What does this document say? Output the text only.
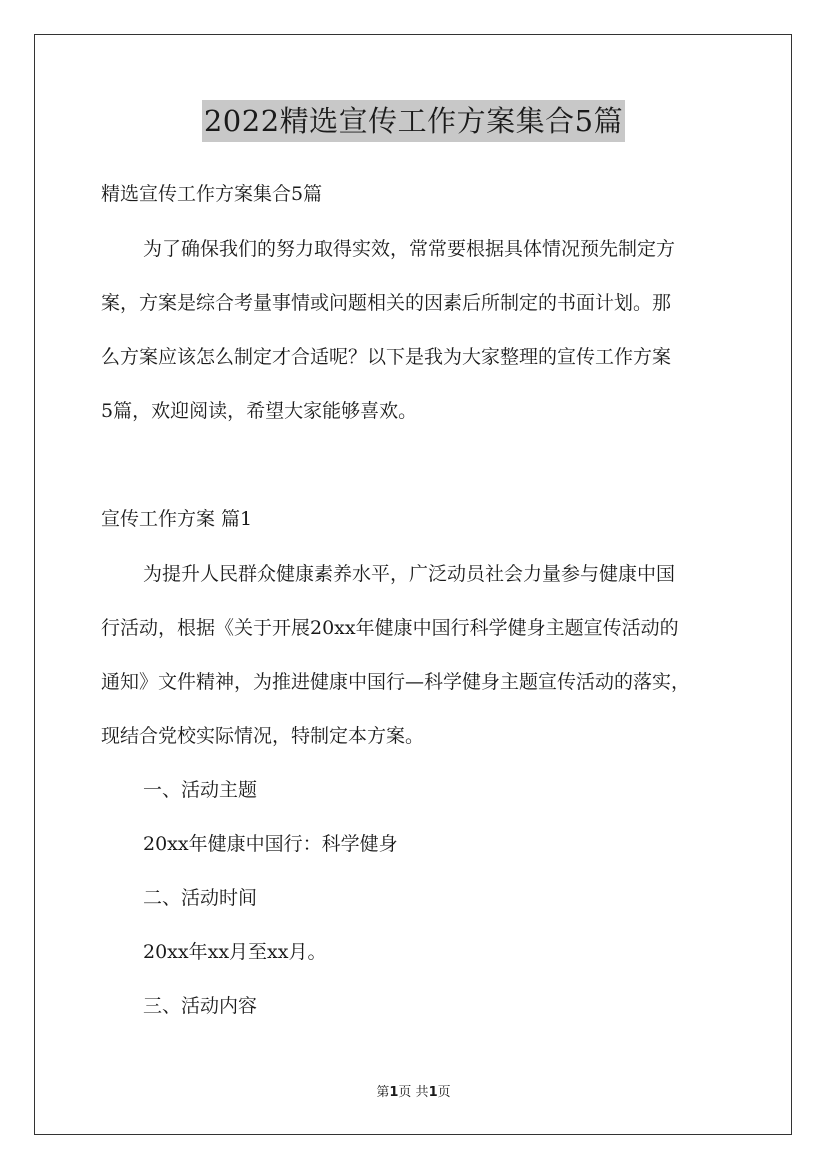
2022精选宣传工作方案集合5篇
精选宣传工作方案集合5篇
为了确保我们的努力取得实效，常常要根据具体情况预先制定方
案，方案是综合考量事情或问题相关的因素后所制定的书面计划。那
么方案应该怎么制定才合适呢？以下是我为大家整理的宣传工作方案
5篇，欢迎阅读，希望大家能够喜欢。
宣传工作方案 篇1
为提升人民群众健康素养水平，广泛动员社会力量参与健康中国
行活动，根据《关于开展20xx年健康中国行科学健身主题宣传活动的
通知》文件精神，为推进健康中国行—科学健身主题宣传活动的落实，
现结合党校实际情况，特制定本方案。
一、活动主题
20xx年健康中国行：科学健身
二、活动时间
20xx年xx月至xx月。
三、活动内容
第1页 共1页
